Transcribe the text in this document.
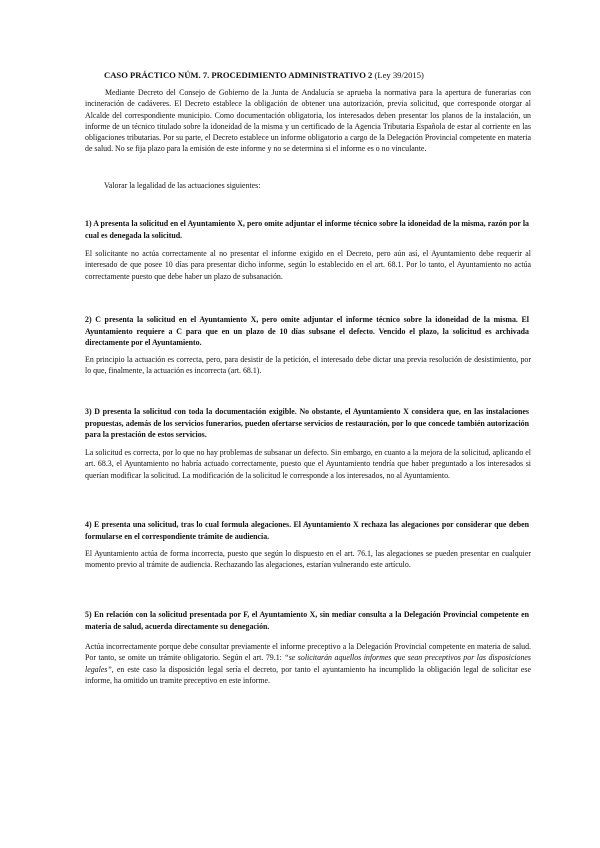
CASO PRÁCTICO NÚM. 7. PROCEDIMIENTO ADMINISTRATIVO 2 (Ley 39/2015)

Mediante Decreto del Consejo de Gobierno de la Junta de Andalucía se aprueba la normativa para la apertura de funerarias con incineración de cadáveres. El Decreto establece la obligación de obtener una autorización, previa solicitud, que corresponde otorgar al Alcalde del correspondiente municipio. Como documentación obligatoria, los interesados deben presentar los planos de la instalación, un informe de un técnico titulado sobre la idoneidad de la misma y un certificado de la Agencia Tributaria Española de estar al corriente en las obligaciones tributarias. Por su parte, el Decreto establece un informe obligatorio a cargo de la Delegación Provincial competente en materia de salud. No se fija plazo para la emisión de este informe y no se determina si el informe es o no vinculante.

Valorar la legalidad de las actuaciones siguientes:

1) A presenta la solicitud en el Ayuntamiento X, pero omite adjuntar el informe técnico sobre la idoneidad de la misma, razón por la cual es denegada la solicitud.

El solicitante no actúa correctamente al no presentar el informe exigido en el Decreto, pero aún así, el Ayuntamiento debe requerir al interesado de que posee 10 días para presentar dicho informe, según lo establecido en el art. 68.1. Por lo tanto, el Ayuntamiento no actúa correctamente puesto que debe haber un plazo de subsanación.

2) C presenta la solicitud en el Ayuntamiento X, pero omite adjuntar el informe técnico sobre la idoneidad de la misma. El Ayuntamiento requiere a C para que en un plazo de 10 días subsane el defecto. Vencido el plazo, la solicitud es archivada directamente por el Ayuntamiento.

En principio la actuación es correcta, pero, para desistir de la petición, el interesado debe dictar una previa resolución de desistimiento, por lo que, finalmente, la actuación es incorrecta (art. 68.1).

3) D presenta la solicitud con toda la documentación exigible. No obstante, el Ayuntamiento X considera que, en las instalaciones propuestas, además de los servicios funerarios, pueden ofertarse servicios de restauración, por lo que concede también autorización para la prestación de estos servicios.

La solicitud es correcta, por lo que no hay problemas de subsanar un defecto. Sin embargo, en cuanto a la mejora de la solicitud, aplicando el art. 68.3, el Ayuntamiento no habría actuado correctamente, puesto que el Ayuntamiento tendría que haber preguntado a los interesados si querían modificar la solicitud. La modificación de la solicitud le corresponde a los interesados, no al Ayuntamiento.

4) E presenta una solicitud, tras lo cual formula alegaciones. El Ayuntamiento X rechaza las alegaciones por considerar que deben formularse en el correspondiente trámite de audiencia.

El Ayuntamiento actúa de forma incorrecta, puesto que según lo dispuesto en el art. 76.1, las alegaciones se pueden presentar en cualquier momento previo al trámite de audiencia. Rechazando las alegaciones, estarían vulnerando este artículo.

5) En relación con la solicitud presentada por F, el Ayuntamiento X, sin mediar consulta a la Delegación Provincial competente en materia de salud, acuerda directamente su denegación.

Actúa incorrectamente porque debe consultar previamente el informe preceptivo a la Delegación Provincial competente en materia de salud. Por tanto, se omite un trámite obligatorio. Según el art. 79.1: “se solicitarán aquellos informes que sean preceptivos por las disposiciones legales”, en este caso la disposición legal sería el decreto, por tanto el ayuntamiento ha incumplido la obligación legal de solicitar ese informe, ha omitido un tramite preceptivo en este informe.
